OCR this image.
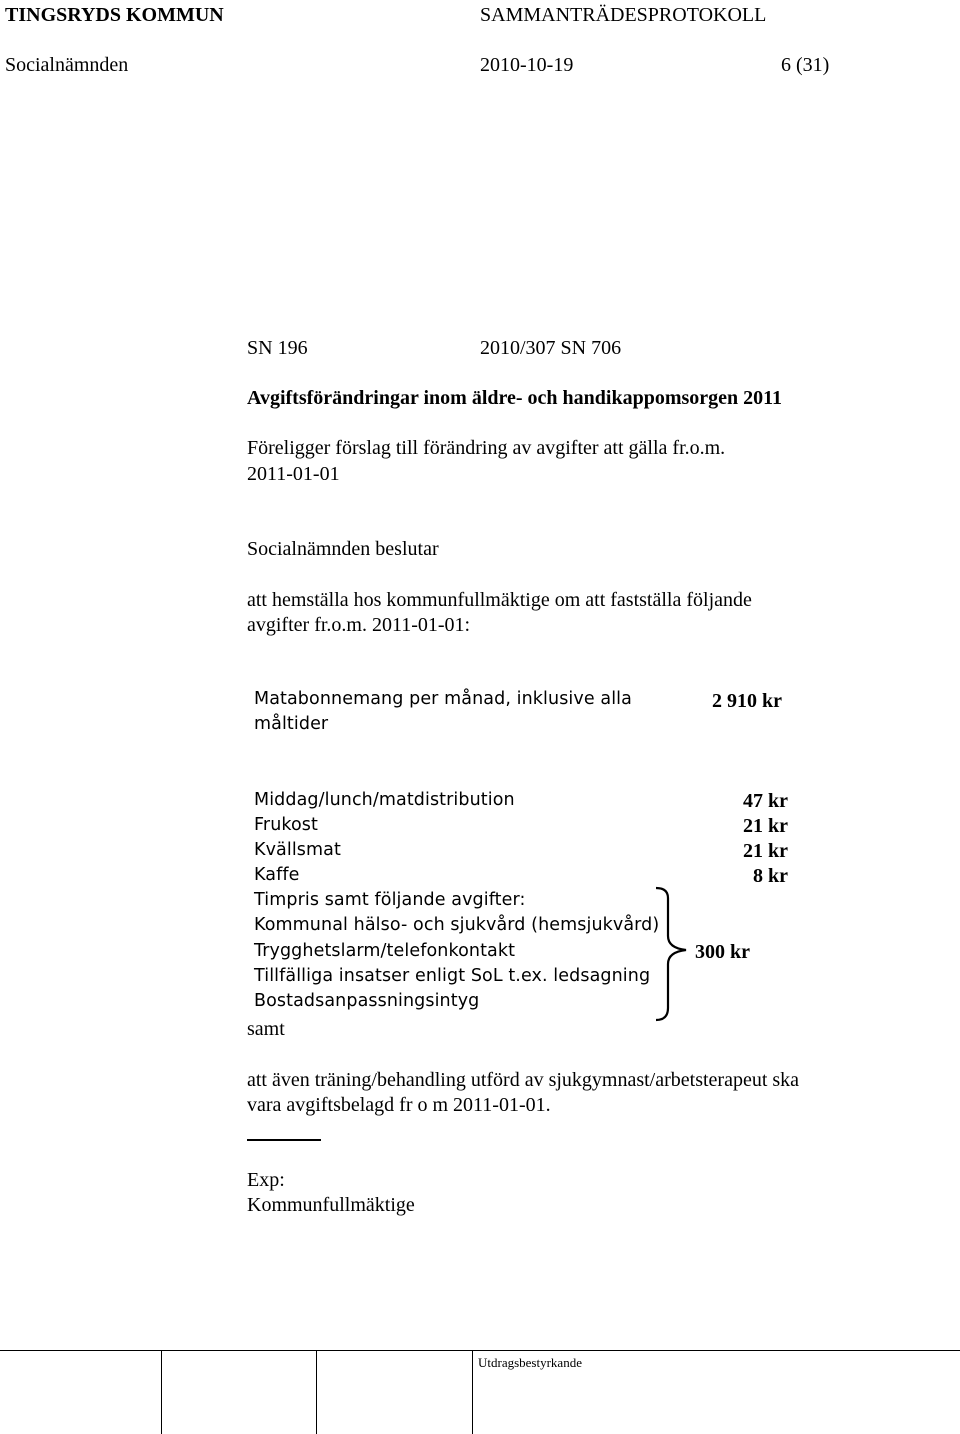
TINGSRYDS KOMMUN	SAMMANTRÄDESPROTOKOLL
Socialnämnden	2010-10-19	6 (31)
SN 196	2010/307 SN 706
Avgiftsförändringar inom äldre- och handikappomsorgen 2011
Föreligger förslag till förändring av avgifter att gälla fr.o.m.
2011-01-01
Socialnämnden beslutar
att hemställa hos kommunfullmäktige om att fastställa följande
avgifter fr.o.m. 2011-01-01:
Matabonnemang per månad, inklusive alla
måltider
2 910 kr
Middag/lunch/matdistribution	47 kr
Frukost	21 kr
Kvällsmat	21 kr
Kaffe	8 kr
Timpris samt följande avgifter:
Kommunal hälso- och sjukvård (hemsjukvård)
Trygghetslarm/telefonkontakt
Tillfälliga insatser enligt SoL t.ex. ledsagning
Bostadsanpassningsintyg
300 kr
samt
att även träning/behandling utförd av sjukgymnast/arbetsterapeut ska
vara avgiftsbelagd fr o m 2011-01-01.
Exp:
Kommunfullmäktige
Utdragsbestyrkande
